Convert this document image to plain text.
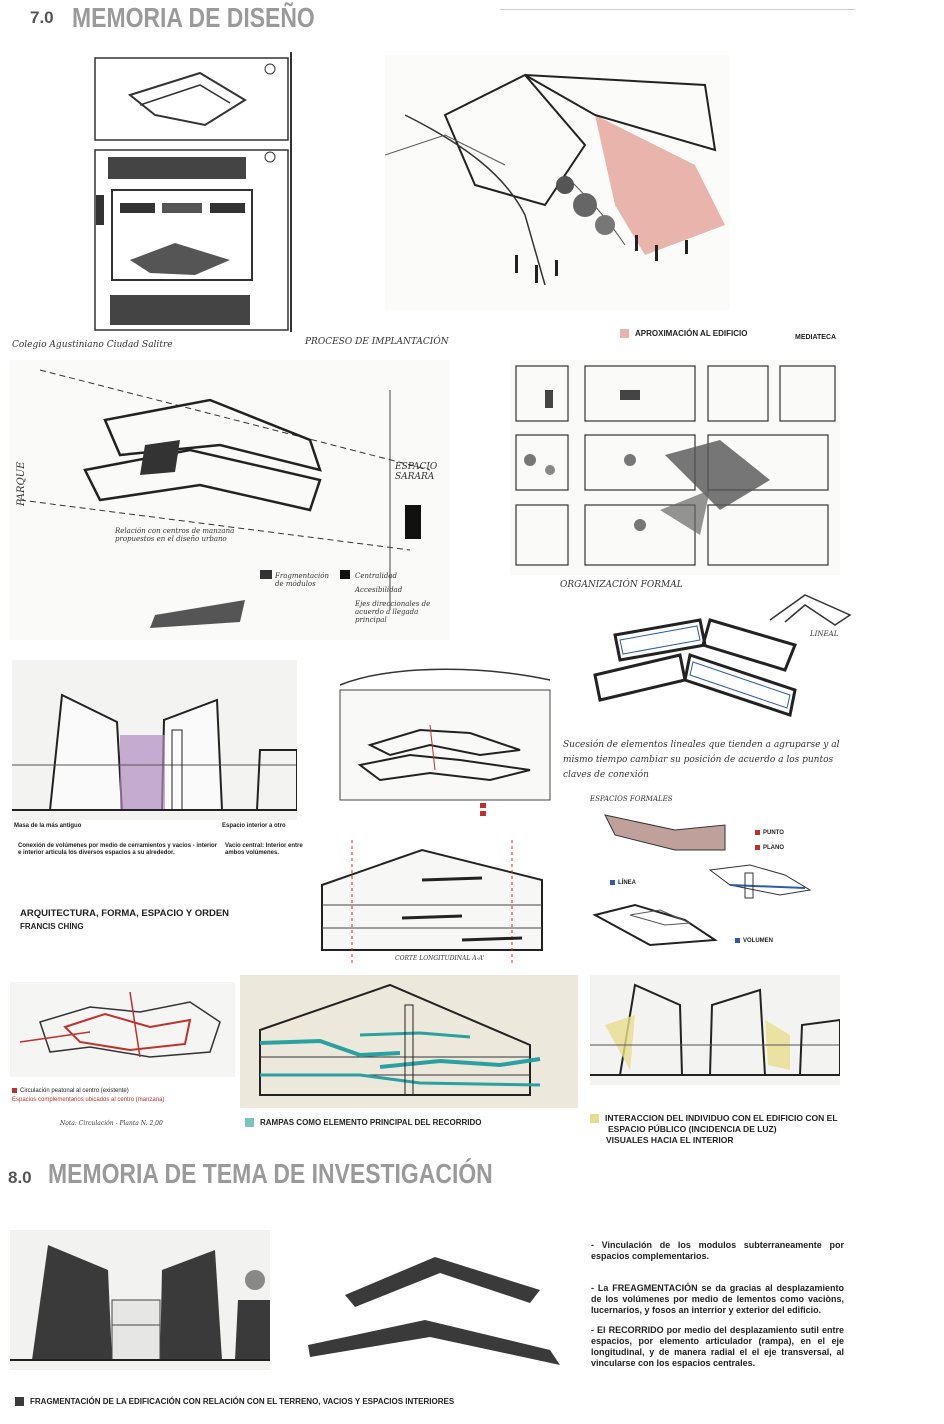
7.0 MEMORIA DE DISEÑO
APROXIMACIÓN AL EDIFICIO	MEDIATECA
Colegio Agustiniano Ciudad Salitre	PROCESO DE IMPLANTACIÓN
PARQUE	ESPACIO SARARA
Relación con centros de manzana propuestos en el diseño urbano
Fragmentación de módulos
Centralidad
Accesibilidad
Ejes direccionales de acuerdo a llegada principal
ORGANIZACIÓN FORMAL
LINEAL
Sucesión de elementos lineales que tienden a agruparse y al mismo tiempo cambiar su posición de acuerdo a los puntos claves de conexión
Masa de la más antiguo	Espacio interior a otro
Conexión de volúmenes por medio de cerramientos y vacíos - interior e interior articula los diversos espacios a su alrededor.
Vacío central: Interior entre ambos volúmenes.
ARQUITECTURA, FORMA, ESPACIO Y ORDEN
FRANCIS CHING
ESPACIOS FORMALES
PUNTO
PLANO
LÍNEA
VOLUMEN
CORTE LONGITUDINAL A-A'
Circulación peatonal al centro (existente)
Espacios complementarios ubicados al centro (manzana)
Nota: Circulación - Planta N. 2,00	RAMPAS COMO ELEMENTO PRINCIPAL DEL RECORRIDO	INTERACCION DEL INDIVIDUO CON EL EDIFICIO CON EL
ESPACIO PÚBLICO (INCIDENCIA DE LUZ)
VISUALES HACIA EL INTERIOR
8.0 MEMORIA DE TEMA DE INVESTIGACIÓN
- Vinculación de los modulos subterraneamente por espacios complementarios.
- La FREAGMENTACIÓN se da gracias al desplazamiento de los volúmenes por medio de lementos como vaciòns, lucernarios, y fosos an interrior y exterior del edificio.
- El RECORRIDO por medio del desplazamiento sutil entre espacios, por elemento articulador (rampa), en el eje longitudinal, y de manera radial el el eje transversal, al vincularse con los espacios centrales.
FRAGMENTACIÓN DE LA EDIFICACIÓN CON RELACIÓN CON EL TERRENO, VACIOS Y ESPACIOS INTERIORES
